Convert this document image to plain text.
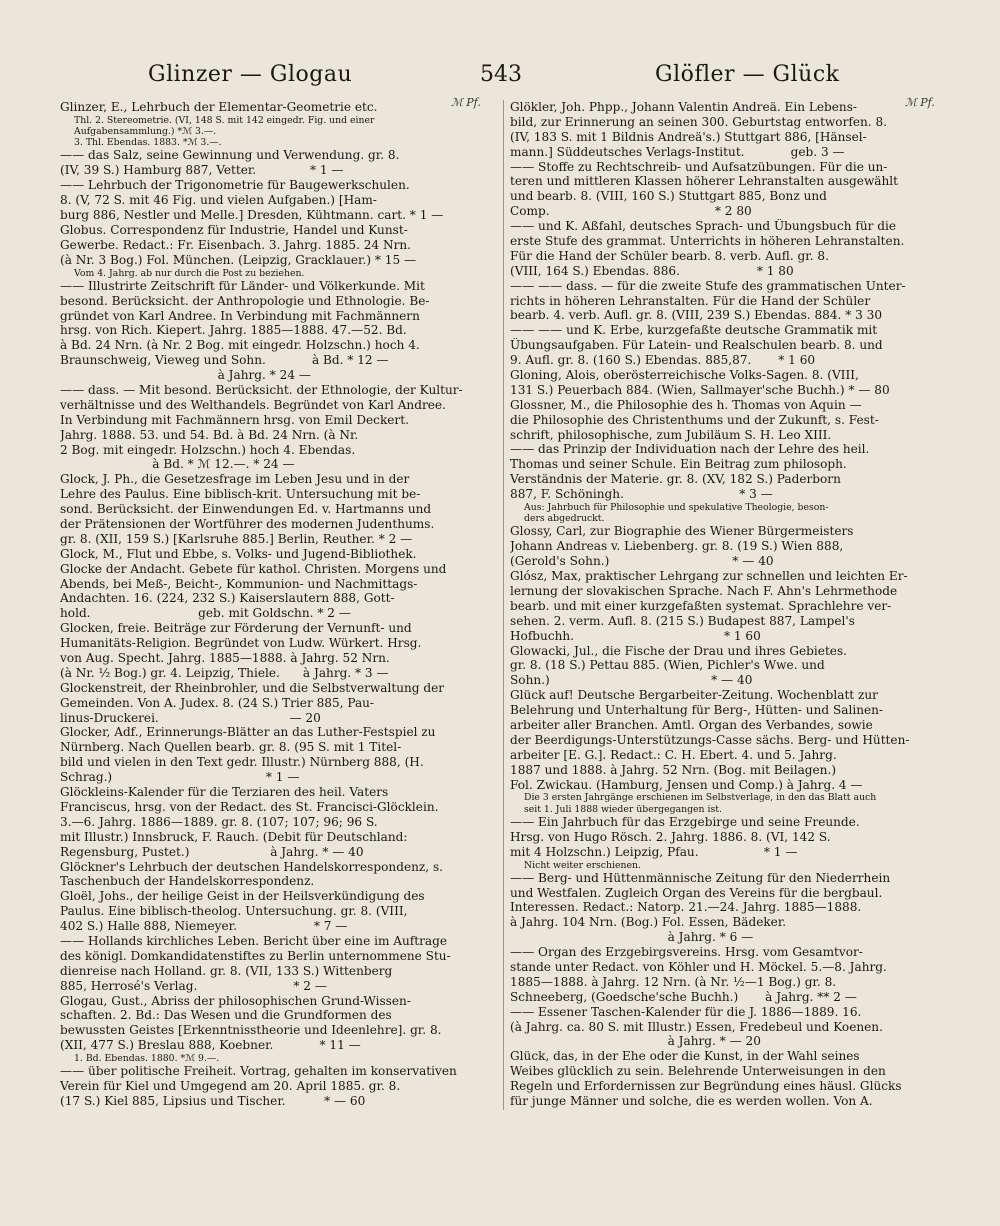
Glinzer — Glogau	543	Glöfler — Glück
ℳ Pf.	ℳ Pf.
Glinzer, E., Lehrbuch der Elementar-Geometrie etc.
Thl. 2. Stereometrie. (VI, 148 S. mit 142 eingedr. Fig. und einer
Aufgabensammlung.) *ℳ 3.—.
3. Thl. Ebendas. 1883. *ℳ 3.—.
—— das Salz, seine Gewinnung und Verwendung. gr. 8.
(IV, 39 S.) Hamburg 887, Vetter.              * 1 —
—— Lehrbuch der Trigonometrie für Baugewerkschulen.
8. (V, 72 S. mit 46 Fig. und vielen Aufgaben.) [Ham-
burg 886, Nestler und Melle.] Dresden, Kühtmann. cart. * 1 —
Globus. Correspondenz für Industrie, Handel und Kunst-
Gewerbe. Redact.: Fr. Eisenbach. 3. Jahrg. 1885. 24 Nrn.
(à Nr. 3 Bog.) Fol. München. (Leipzig, Gracklauer.) * 15 —
Vom 4. Jahrg. ab nur durch die Post zu beziehen.
—— Illustrirte Zeitschrift für Länder- und Völkerkunde. Mit
besond. Berücksicht. der Anthropologie und Ethnologie. Be-
gründet von Karl Andree. In Verbindung mit Fachmännern
hrsg. von Rich. Kiepert. Jahrg. 1885—1888. 47.—52. Bd.
à Bd. 24 Nrn. (à Nr. 2 Bog. mit eingedr. Holzschn.) hoch 4.
Braunschweig, Vieweg und Sohn.            à Bd. * 12 —
à Jahrg. * 24 —
—— dass. — Mit besond. Berücksicht. der Ethnologie, der Kultur-
verhältnisse und des Welthandels. Begründet von Karl Andree.
In Verbindung mit Fachmännern hrsg. von Emil Deckert.
Jahrg. 1888. 53. und 54. Bd. à Bd. 24 Nrn. (à Nr.
2 Bog. mit eingedr. Holzschn.) hoch 4. Ebendas.
à Bd. * ℳ 12.—. * 24 —
Glock, J. Ph., die Gesetzesfrage im Leben Jesu und in der
Lehre des Paulus. Eine biblisch-krit. Untersuchung mit be-
sond. Berücksicht. der Einwendungen Ed. v. Hartmanns und
der Prätensionen der Wortführer des modernen Judenthums.
gr. 8. (XII, 159 S.) [Karlsruhe 885.] Berlin, Reuther. * 2 —
Glock, M., Flut und Ebbe, s. Volks- und Jugend-Bibliothek.
Glocke der Andacht. Gebete für kathol. Christen. Morgens und
Abends, bei Meß-, Beicht-, Kommunion- und Nachmittags-
Andachten. 16. (224, 232 S.) Kaiserslautern 888, Gott-
hold.                            geb. mit Goldschn. * 2 —
Glocken, freie. Beiträge zur Förderung der Vernunft- und
Humanitäts-Religion. Begründet von Ludw. Würkert. Hrsg.
von Aug. Specht. Jahrg. 1885—1888. à Jahrg. 52 Nrn.
(à Nr. ½ Bog.) gr. 4. Leipzig, Thiele.      à Jahrg. * 3 —
Glockenstreit, der Rheinbrohler, und die Selbstverwaltung der
Gemeinden. Von A. Judex. 8. (24 S.) Trier 885, Pau-
linus-Druckerei.                                  — 20
Glocker, Adf., Erinnerungs-Blätter an das Luther-Festspiel zu
Nürnberg. Nach Quellen bearb. gr. 8. (95 S. mit 1 Titel-
bild und vielen in den Text gedr. Illustr.) Nürnberg 888, (H.
Schrag.)                                        * 1 —
Glöckleins-Kalender für die Terziaren des heil. Vaters
Franciscus, hrsg. von der Redact. des St. Francisci-Glöcklein.
3.—6. Jahrg. 1886—1889. gr. 8. (107; 107; 96; 96 S.
mit Illustr.) Innsbruck, F. Rauch. (Debit für Deutschland:
Regensburg, Pustet.)                     à Jahrg. * — 40
Glöckner's Lehrbuch der deutschen Handelskorrespondenz, s.
Taschenbuch der Handelskorrespondenz.
Gloël, Johs., der heilige Geist in der Heilsverkündigung des
Paulus. Eine biblisch-theolog. Untersuchung. gr. 8. (VIII,
402 S.) Halle 888, Niemeyer.                    * 7 —
—— Hollands kirchliches Leben. Bericht über eine im Auftrage
des königl. Domkandidatenstiftes zu Berlin unternommene Stu-
dienreise nach Holland. gr. 8. (VII, 133 S.) Wittenberg
885, Herrosé's Verlag.                         * 2 —
Glogau, Gust., Abriss der philosophischen Grund-Wissen-
schaften. 2. Bd.: Das Wesen und die Grundformen des
bewussten Geistes [Erkenntnisstheorie und Ideenlehre]. gr. 8.
(XII, 477 S.) Breslau 888, Koebner.            * 11 —
1. Bd. Ebendas. 1880. *ℳ 9.—.
—— über politische Freiheit. Vortrag, gehalten im konservativen
Verein für Kiel und Umgegend am 20. April 1885. gr. 8.
(17 S.) Kiel 885, Lipsius und Tischer.          * — 60
Glökler, Joh. Phpp., Johann Valentin Andreä. Ein Lebens-
bild, zur Erinnerung an seinen 300. Geburtstag entworfen. 8.
(IV, 183 S. mit 1 Bildnis Andreä's.) Stuttgart 886, [Hänsel-
mann.] Süddeutsches Verlags-Institut.            geb. 3 —
—— Stoffe zu Rechtschreib- und Aufsatzübungen. Für die un-
teren und mittleren Klassen höherer Lehranstalten ausgewählt
und bearb. 8. (VIII, 160 S.) Stuttgart 885, Bonz und
Comp.                                           * 2 80
—— und K. Aßfahl, deutsches Sprach- und Übungsbuch für die
erste Stufe des grammat. Unterrichts in höheren Lehranstalten.
Für die Hand der Schüler bearb. 8. verb. Aufl. gr. 8.
(VIII, 164 S.) Ebendas. 886.                    * 1 80
—— —— dass. — für die zweite Stufe des grammatischen Unter-
richts in höheren Lehranstalten. Für die Hand der Schüler
bearb. 4. verb. Aufl. gr. 8. (VIII, 239 S.) Ebendas. 884. * 3 30
—— —— und K. Erbe, kurzgefaßte deutsche Grammatik mit
Übungsaufgaben. Für Latein- und Realschulen bearb. 8. und
9. Aufl. gr. 8. (160 S.) Ebendas. 885,87.       * 1 60
Gloning, Alois, oberösterreichische Volks-Sagen. 8. (VIII,
131 S.) Peuerbach 884. (Wien, Sallmayer'sche Buchh.) * — 80
Glossner, M., die Philosophie des h. Thomas von Aquin —
die Philosophie des Christenthums und der Zukunft, s. Fest-
schrift, philosophische, zum Jubiläum S. H. Leo XIII.
—— das Prinzip der Individuation nach der Lehre des heil.
Thomas und seiner Schule. Ein Beitrag zum philosoph.
Verständnis der Materie. gr. 8. (XV, 182 S.) Paderborn
887, F. Schöningh.                              * 3 —
Aus: Jahrbuch für Philosophie und spekulative Theologie, beson-
ders abgedruckt.
Glossy, Carl, zur Biographie des Wiener Bürgermeisters
Johann Andreas v. Liebenberg. gr. 8. (19 S.) Wien 888,
(Gerold's Sohn.)                                * — 40
Glósz, Max, praktischer Lehrgang zur schnellen und leichten Er-
lernung der slovakischen Sprache. Nach F. Ahn's Lehrmethode
bearb. und mit einer kurzgefaßten systemat. Sprachlehre ver-
sehen. 2. verm. Aufl. 8. (215 S.) Budapest 887, Lampel's
Hofbuchh.                                       * 1 60
Glowacki, Jul., die Fische der Drau und ihres Gebietes.
gr. 8. (18 S.) Pettau 885. (Wien, Pichler's Wwe. und
Sohn.)                                          * — 40
Glück auf! Deutsche Bergarbeiter-Zeitung. Wochenblatt zur
Belehrung und Unterhaltung für Berg-, Hütten- und Salinen-
arbeiter aller Branchen. Amtl. Organ des Verbandes, sowie
der Beerdigungs-Unterstützungs-Casse sächs. Berg- und Hütten-
arbeiter [E. G.]. Redact.: C. H. Ebert. 4. und 5. Jahrg.
1887 und 1888. à Jahrg. 52 Nrn. (Bog. mit Beilagen.)
Fol. Zwickau. (Hamburg, Jensen und Comp.) à Jahrg. 4 —
Die 3 ersten Jahrgänge erschienen im Selbstverlage, in den das Blatt auch
seit 1. Juli 1888 wieder übergegangen ist.
—— Ein Jahrbuch für das Erzgebirge und seine Freunde.
Hrsg. von Hugo Rösch. 2. Jahrg. 1886. 8. (VI, 142 S.
mit 4 Holzschn.) Leipzig, Pfau.                 * 1 —
Nicht weiter erschienen.
—— Berg- und Hüttenmännische Zeitung für den Niederrhein
und Westfalen. Zugleich Organ des Vereins für die bergbaul.
Interessen. Redact.: Natorp. 21.—24. Jahrg. 1885—1888.
à Jahrg. 104 Nrn. (Bog.) Fol. Essen, Bädeker.
à Jahrg. * 6 —
—— Organ des Erzgebirgsvereins. Hrsg. vom Gesamtvor-
stande unter Redact. von Köhler und H. Möckel. 5.—8. Jahrg.
1885—1888. à Jahrg. 12 Nrn. (à Nr. ½—1 Bog.) gr. 8.
Schneeberg, (Goedsche'sche Buchh.)       à Jahrg. ** 2 —
—— Essener Taschen-Kalender für die J. 1886—1889. 16.
(à Jahrg. ca. 80 S. mit Illustr.) Essen, Fredebeul und Koenen.
à Jahrg. * — 20
Glück, das, in der Ehe oder die Kunst, in der Wahl seines
Weibes glücklich zu sein. Belehrende Unterweisungen in den
Regeln und Erfordernissen zur Begründung eines häusl. Glücks
für junge Männer und solche, die es werden wollen. Von A.
